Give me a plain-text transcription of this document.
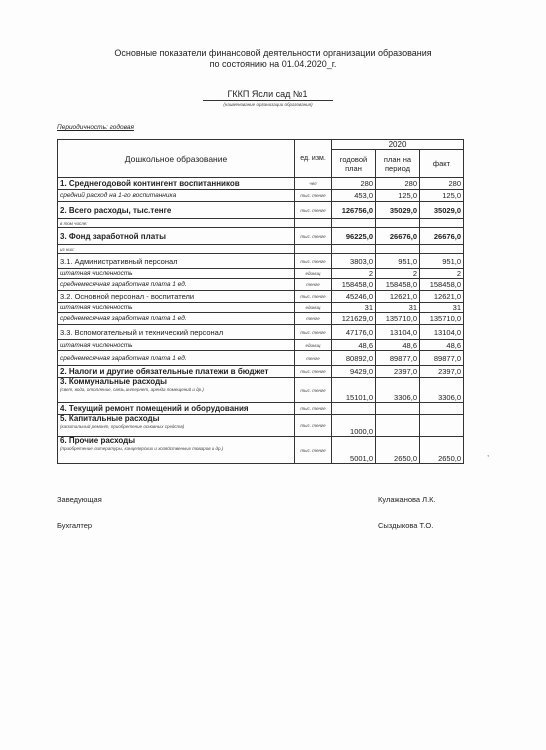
Основные показатели финансовой деятельности организации образования
по состоянию на 01.04.2020_г.
ГККП Ясли сад №1
(наименование организации образования)
Периодичность: годовая
Дошкольное образование	ед. изм.	2020		
		годовой план	план на период	факт
1. Среднегодовой контингент воспитанников	чел	280	280	280
средний расход на 1-го воспитанника	тыс. тенге	453,0	125,0	125,0
2. Всего расходы, тыс.тенге	тыс. тенге	126756,0	35029,0	35029,0
в том числе:				
3. Фонд заработной платы	тыс. тенге	96225,0	26676,0	26676,0
из них:				
3.1. Административный персонал	тыс. тенге	3803,0	951,0	951,0
штатная численность	единиц	2	2	2
среднемесячная заработная плата 1 ед.	тенге	158458,0	158458,0	158458,0
3.2. Основной персонал - воспитатели	тыс. тенге	45246,0	12621,0	12621,0
штатная численность	единиц	31	31	31
среднемесячная заработная плата 1 ед.	тенге	121629,0	135710,0	135710,0
3.3. Вспомогательный и технический персонал	тыс. тенге	47176,0	13104,0	13104,0
штатная численность	единиц	48,6	48,6	48,6
среднемесячная заработная плата 1 ед.	тенге	80892,0	89877,0	89877,0
2. Налоги и другие обязательные платежи в бюджет	тыс. тенге	9429,0	2397,0	2397,0

3. Коммунальные расходы
(свет, вода, отопление, связь,интернет, аренда помещений и др.)	тыс. тенге	15101,0	3306,0	3306,0
4. Текущий ремонт помещений и оборудования	тыс. тенге			

5. Капитальные расходы
(капитальный ремонт, приобретение основных средств)	тыс. тенге	1000,0		

6. Прочие расходы
(приобретение литературы, канцелярских и хозяйственных товаров и др.)	тыс. тенге	5001,0	2650,0	2650,0
,
Заведующая	Кулажанова Л.К.
Бухгалтер	Сыздыкова Т.О.
